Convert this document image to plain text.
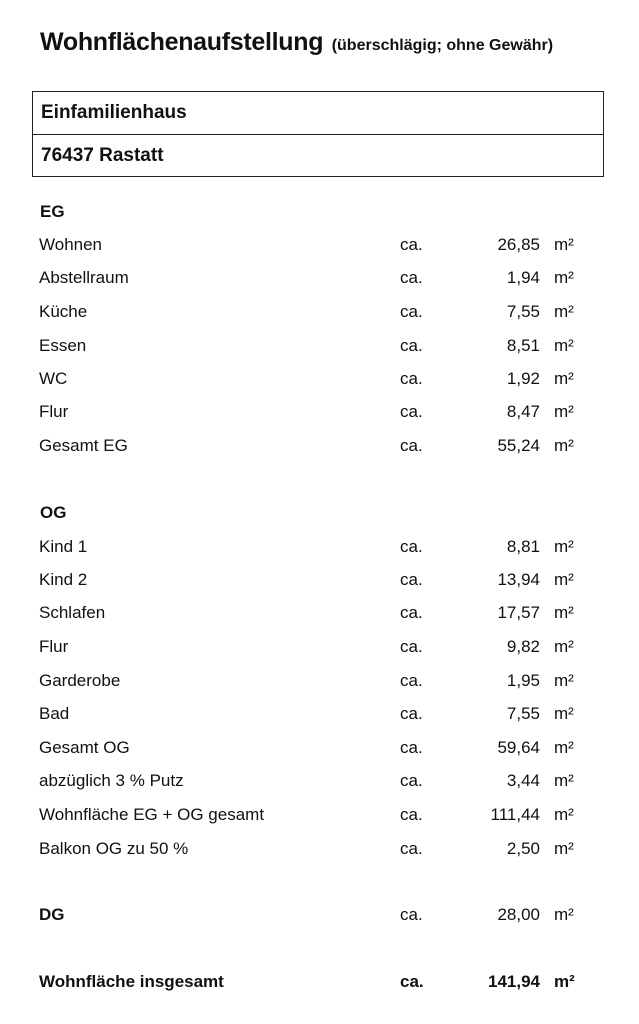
Wohnflächenaufstellung (überschlägig; ohne Gewähr)
Einfamilienhaus
76437 Rastatt
EG
Wohnen	ca.	26,85 m²
Abstellraum	ca.	1,94 m²
Küche	ca.	7,55 m²
Essen	ca.	8,51 m²
WC	ca.	1,92 m²
Flur	ca.	8,47 m²
Gesamt EG	ca.	55,24 m²
OG
Kind 1	ca.	8,81 m²
Kind 2	ca.	13,94 m²
Schlafen	ca.	17,57 m²
Flur	ca.	9,82 m²
Garderobe	ca.	1,95 m²
Bad	ca.	7,55 m²
Gesamt OG	ca.	59,64 m²
abzüglich 3 % Putz	ca.	3,44 m²
Wohnfläche EG + OG gesamt	ca.	111,44 m²
Balkon OG zu 50 %	ca.	2,50 m²
DG	ca.	28,00 m²
Wohnfläche insgesamt	ca.	141,94 m²
